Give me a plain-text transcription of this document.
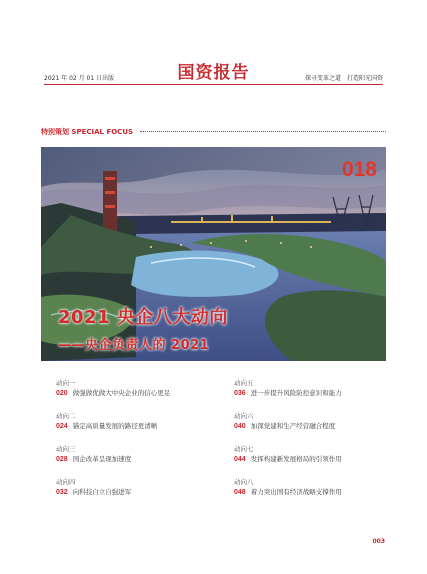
2021 年 02 月 01 日出版	国资报告	探寻变革之道　打造阳光国资
特别策划 SPECIAL FOCUS
018
2021 央企八大动向
——央企负责人的 2021
动向一
020 做强做优做大中央企业的信心更足
动向二
024 锚定高质量发展的路径更清晰
动向三
028 国企改革呈现加速度
动向四
032 向科技自立自强进军
动向五
036 进一步提升风险防控意识和能力
动向六
040 加深党建和生产经营融合程度
动向七
044 发挥构建新发展格局的引领作用
动向八
048 着力突出国有经济战略支撑作用
003
